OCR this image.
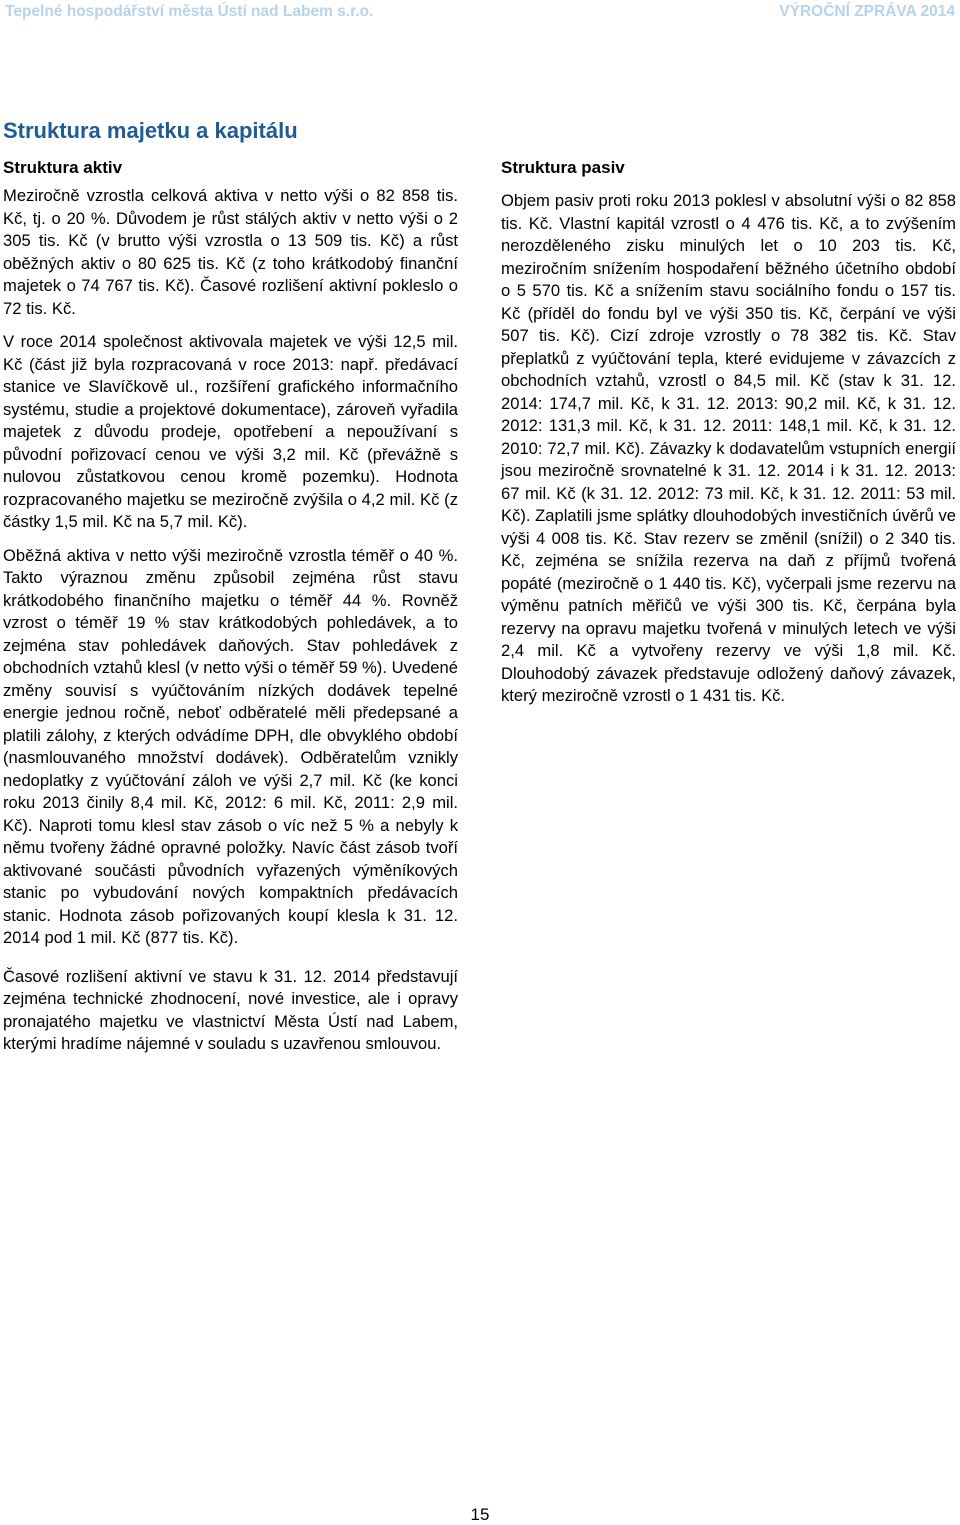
Tepelné hospodářství města Ústí nad Labem s.r.o.	VÝROČNÍ ZPRÁVA 2014
Struktura majetku a kapitálu
Struktura aktiv

Meziročně vzrostla celková aktiva v netto výši o 82 858 tis. Kč, tj. o 20 %. Důvodem je růst stálých aktiv v netto výši o 2 305 tis. Kč (v brutto výši vzrostla o 13 509 tis. Kč) a růst oběžných aktiv o 80 625 tis. Kč (z toho krátkodobý finanční majetek o 74 767 tis. Kč). Časové rozlišení aktivní pokleslo o 72 tis. Kč.

V roce 2014 společnost aktivovala majetek ve výši 12,5 mil. Kč (část již byla rozpracovaná v roce 2013: např. předávací stanice ve Slavíčkově ul., rozšíření grafického informačního systému, studie a projektové dokumentace), zároveň vyřadila majetek z důvodu prodeje, opotřebení a nepoužívaní s původní pořizovací cenou ve výši 3,2 mil. Kč (převážně s nulovou zůstatkovou cenou kromě pozemku). Hodnota rozpracovaného majetku se meziročně zvýšila o 4,2 mil. Kč (z částky 1,5 mil. Kč na 5,7 mil. Kč).

Oběžná aktiva v netto výši meziročně vzrostla téměř o 40 %. Takto výraznou změnu způsobil zejména růst stavu krátkodobého finančního majetku o téměř 44 %. Rovněž vzrost o téměř 19 % stav krátkodobých pohledávek, a to zejména stav pohledávek daňových. Stav pohledávek z obchodních vztahů klesl (v netto výši o téměř 59 %). Uvedené změny souvisí s vyúčtováním nízkých dodávek tepelné energie jednou ročně, neboť odběratelé měli předepsané a platili zálohy, z kterých odvádíme DPH, dle obvyklého období (nasmlouvaného množství dodávek). Odběratelům vznikly nedoplatky z vyúčtování záloh ve výši 2,7 mil. Kč (ke konci roku 2013 činily 8,4 mil. Kč, 2012: 6 mil. Kč, 2011: 2,9 mil. Kč). Naproti tomu klesl stav zásob o víc než 5 % a nebyly k němu tvořeny žádné opravné položky. Navíc část zásob tvoří aktivované součásti původních vyřazených výměníkových stanic po vybudování nových kompaktních předávacích stanic. Hodnota zásob pořizovaných koupí klesla k 31. 12. 2014 pod 1 mil. Kč (877 tis. Kč).

Časové rozlišení aktivní ve stavu k 31. 12. 2014 představují zejména technické zhodnocení, nové investice, ale i opravy pronajatého majetku ve vlastnictví Města Ústí nad Labem, kterými hradíme nájemné v souladu s uzavřenou smlouvou.

Struktura pasiv

Objem pasiv proti roku 2013 poklesl v absolutní výši o 82 858 tis. Kč. Vlastní kapitál vzrostl o 4 476 tis. Kč, a to zvýšením nerozděleného zisku minulých let o 10 203 tis. Kč, meziročním snížením hospodaření běžného účetního období o 5 570 tis. Kč a snížením stavu sociálního fondu o 157 tis. Kč (příděl do fondu byl ve výši 350 tis. Kč, čerpání ve výši 507 tis. Kč). Cizí zdroje vzrostly o 78 382 tis. Kč. Stav přeplatků z vyúčtování tepla, které evidujeme v závazcích z obchodních vztahů, vzrostl o 84,5 mil. Kč (stav k 31. 12. 2014: 174,7 mil. Kč, k 31. 12. 2013: 90,2 mil. Kč, k 31. 12. 2012: 131,3 mil. Kč, k 31. 12. 2011: 148,1 mil. Kč, k 31. 12. 2010: 72,7 mil. Kč). Závazky k dodavatelům vstupních energií jsou meziročně srovnatelné k 31. 12. 2014 i k 31. 12. 2013: 67 mil. Kč (k 31. 12. 2012: 73 mil. Kč, k 31. 12. 2011: 53 mil. Kč). Zaplatili jsme splátky dlouhodobých investičních úvěrů ve výši 4 008 tis. Kč. Stav rezerv se změnil (snížil) o 2 340 tis. Kč, zejména se snížila rezerva na daň z příjmů tvořená popáté (meziročně o 1 440 tis. Kč), vyčerpali jsme rezervu na výměnu patních měřičů ve výši 300 tis. Kč, čerpána byla rezervy na opravu majetku tvořená v minulých letech ve výši 2,4 mil. Kč a vytvořeny rezervy ve výši 1,8 mil. Kč. Dlouhodobý závazek představuje odložený daňový závazek, který meziročně vzrostl o 1 431 tis. Kč.

15
